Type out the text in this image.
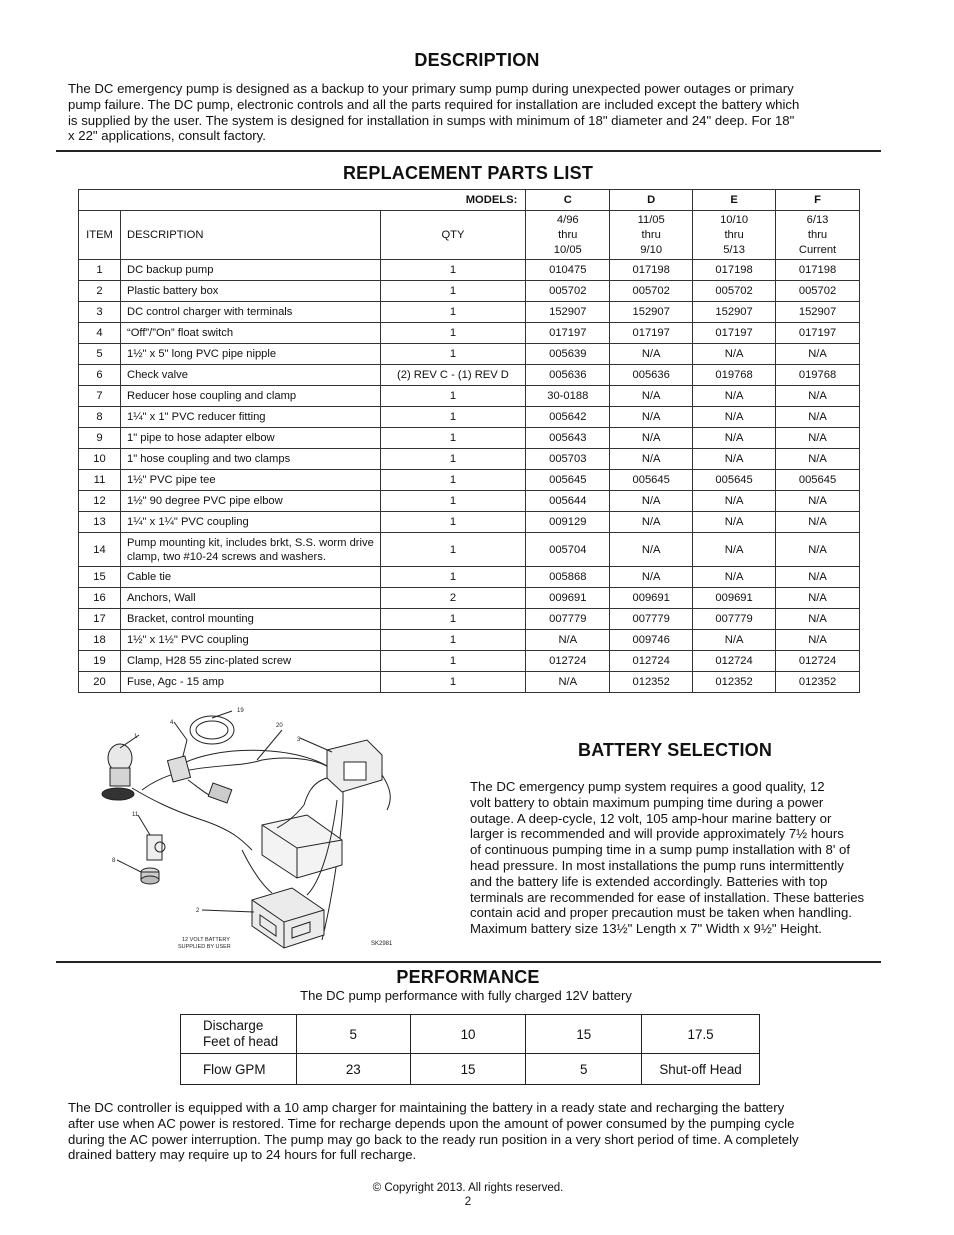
DESCRIPTION
The DC emergency pump is designed as a backup to your primary sump pump during unexpected power outages or primary
pump failure. The DC pump, electronic controls and all the parts required for installation are included except the battery which
is supplied by the user. The system is designed for installation in sumps with minimum of 18" diameter and 24" deep. For 18"
x 22" applications, consult factory.
REPLACEMENT PARTS LIST
MODELS:			C	D	E	F
ITEM	DESCRIPTION	QTY	4/96
thru
10/05	11/05
thru
9/10	10/10
thru
5/13	6/13
thru
Current
1	DC backup pump	1	010475	017198	017198	017198
2	Plastic battery box	1	005702	005702	005702	005702
3	DC control charger with terminals	1	152907	152907	152907	152907
4	“Off”/”On” float switch	1	017197	017197	017197	017197
5	1½" x 5" long PVC pipe nipple	1	005639	N/A	N/A	N/A
6	Check valve	(2) REV C - (1) REV D	005636	005636	019768	019768
7	Reducer hose coupling and clamp	1	30-0188	N/A	N/A	N/A
8	1¼" x 1" PVC reducer fitting	1	005642	N/A	N/A	N/A
9	1" pipe to hose adapter elbow	1	005643	N/A	N/A	N/A
10	1" hose coupling and two clamps	1	005703	N/A	N/A	N/A
11	1½" PVC pipe tee	1	005645	005645	005645	005645
12	1½" 90 degree PVC pipe elbow	1	005644	N/A	N/A	N/A
13	1¼" x 1¼" PVC coupling	1	009129	N/A	N/A	N/A
14	Pump mounting kit, includes brkt, S.S. worm drive clamp, two #10-24 screws and washers.	1	005704	N/A	N/A	N/A
15	Cable tie	1	005868	N/A	N/A	N/A
16	Anchors, Wall	2	009691	009691	009691	N/A
17	Bracket, control mounting	1	007779	007779	007779	N/A
18	1½" x 1½" PVC coupling	1	N/A	009746	N/A	N/A
19	Clamp, H28 55 zinc-plated screw	1	012724	012724	012724	012724
20	Fuse, Agc - 15 amp	1	N/A	012352	012352	012352
1
2
3
4
8
11
19
20
12 VOLT BATTERY
SUPPLIED BY USER	SK2981
BATTERY SELECTION
The DC emergency pump system requires a good quality, 12
volt battery to obtain maximum pumping time during a power
outage. A deep-cycle, 12 volt, 105 amp-hour marine battery or
larger is recommended and will provide approximately 7½ hours
of continuous pumping time in a sump pump installation with 8' of
head pressure. In most installations the pump runs intermittently
and the battery life is extended accordingly. Batteries with top
terminals are recommended for ease of installation. These batteries
contain acid and proper precaution must be taken when handling.
Maximum battery size 13½" Length x 7" Width x 9½" Height.
PERFORMANCE
The DC pump performance with fully charged 12V battery
Discharge
Feet of head	5	10	15	17.5
Flow GPM	23	15	5	Shut-off Head
The DC controller is equipped with a 10 amp charger for maintaining the battery in a ready state and recharging the battery
after use when AC power is restored. Time for recharge depends upon the amount of power consumed by the pumping cycle
during the AC power interruption. The pump may go back to the ready run position in a very short period of time. A completely
drained battery may require up to 24 hours for full recharge.
© Copyright 2013. All rights reserved.
2
